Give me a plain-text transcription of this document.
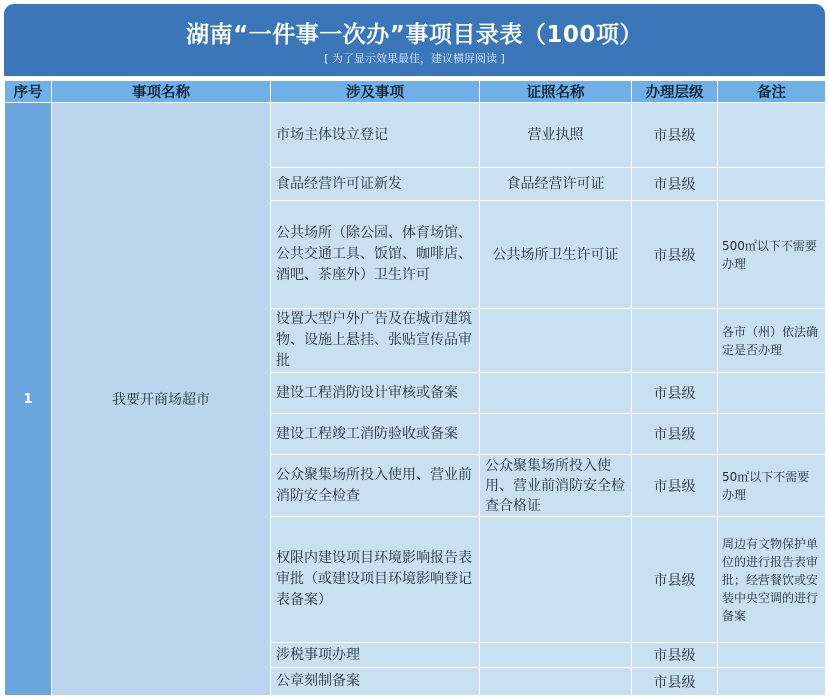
湖南“一件事一次办”事项目录表（100项）
[ 为了显示效果最佳，建议横屏阅读 ]
序号	事项名称	涉及事项	证照名称	办理层级	备注
1	我要开商场超市	市场主体设立登记	营业执照	市县级	
		食品经营许可证新发	食品经营许可证	市县级	
		公共场所（除公园、体育场馆、公共交通工具、饭馆、咖啡店、酒吧、茶座外）卫生许可	公共场所卫生许可证	市县级	500㎡以下不需要办理
		设置大型户外广告及在城市建筑物、设施上悬挂、张贴宣传品审批			各市（州）依法确定是否办理
		建设工程消防设计审核或备案		市县级	
		建设工程竣工消防验收或备案		市县级	
		公众聚集场所投入使用、营业前消防安全检查	公众聚集场所投入使用、营业前消防安全检查合格证	市县级	50㎡以下不需要办理
		权限内建设项目环境影响报告表审批（或建设项目环境影响登记表备案）		市县级	周边有文物保护单位的进行报告表审批；经营餐饮或安装中央空调的进行备案
		涉税事项办理		市县级	
		公章刻制备案		市县级	
